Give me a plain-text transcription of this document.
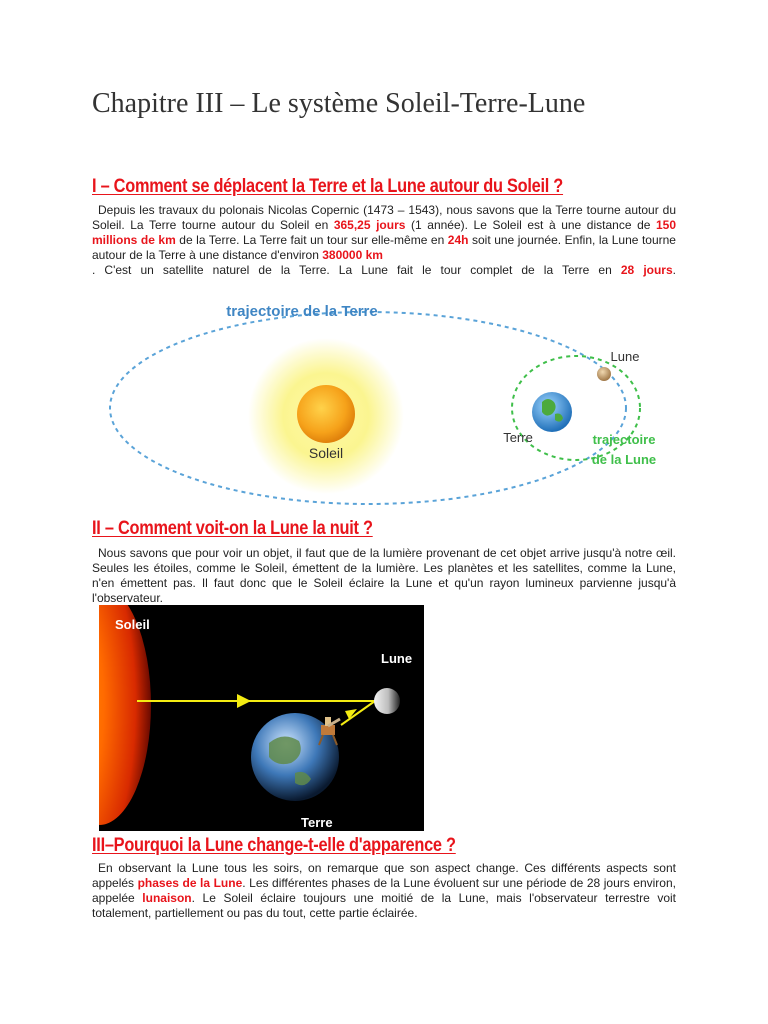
Chapitre III – Le système Soleil-Terre-Lune
I – Comment se déplacent la Terre et la Lune autour du Soleil ?

Depuis les travaux du polonais Nicolas Copernic (1473 – 1543), nous savons que la Terre tourne autour du Soleil. La Terre tourne autour du Soleil en 365,25 jours (1 année). Le Soleil est à une distance de 150 millions de km de la Terre. La Terre fait un tour sur elle-même en 24h soit une journée. Enfin, la Lune tourne autour de la Terre à une distance d'environ 380000 km
. C'est un satellite naturel de la Terre. La Lune fait le tour complet de la Terre en 28 jours.

Soleil
trajectoire de la Terre
Terre
Lune
trajectoire
de la Lune
II – Comment voit-on la Lune la nuit ?

Nous savons que pour voir un objet, il faut que de la lumière provenant de cet objet arrive jusqu'à notre œil. Seules les étoiles, comme le Soleil, émettent de la lumière. Les planètes et les satellites, comme la Lune, n'en émettent pas. Il faut donc que le Soleil éclaire la Lune et qu'un rayon lumineux parvienne jusqu'à l'observateur.

Soleil
Lune
Terre
III–Pourquoi la Lune change-t-elle d'apparence ?

En observant la Lune tous les soirs, on remarque que son aspect change. Ces différents aspects sont appelés phases de la Lune. Les différentes phases de la Lune évoluent sur une période de 28 jours environ, appelée lunaison. Le Soleil éclaire toujours une moitié de la Lune, mais l'observateur terrestre voit totalement, partiellement ou pas du tout, cette partie éclairée.
